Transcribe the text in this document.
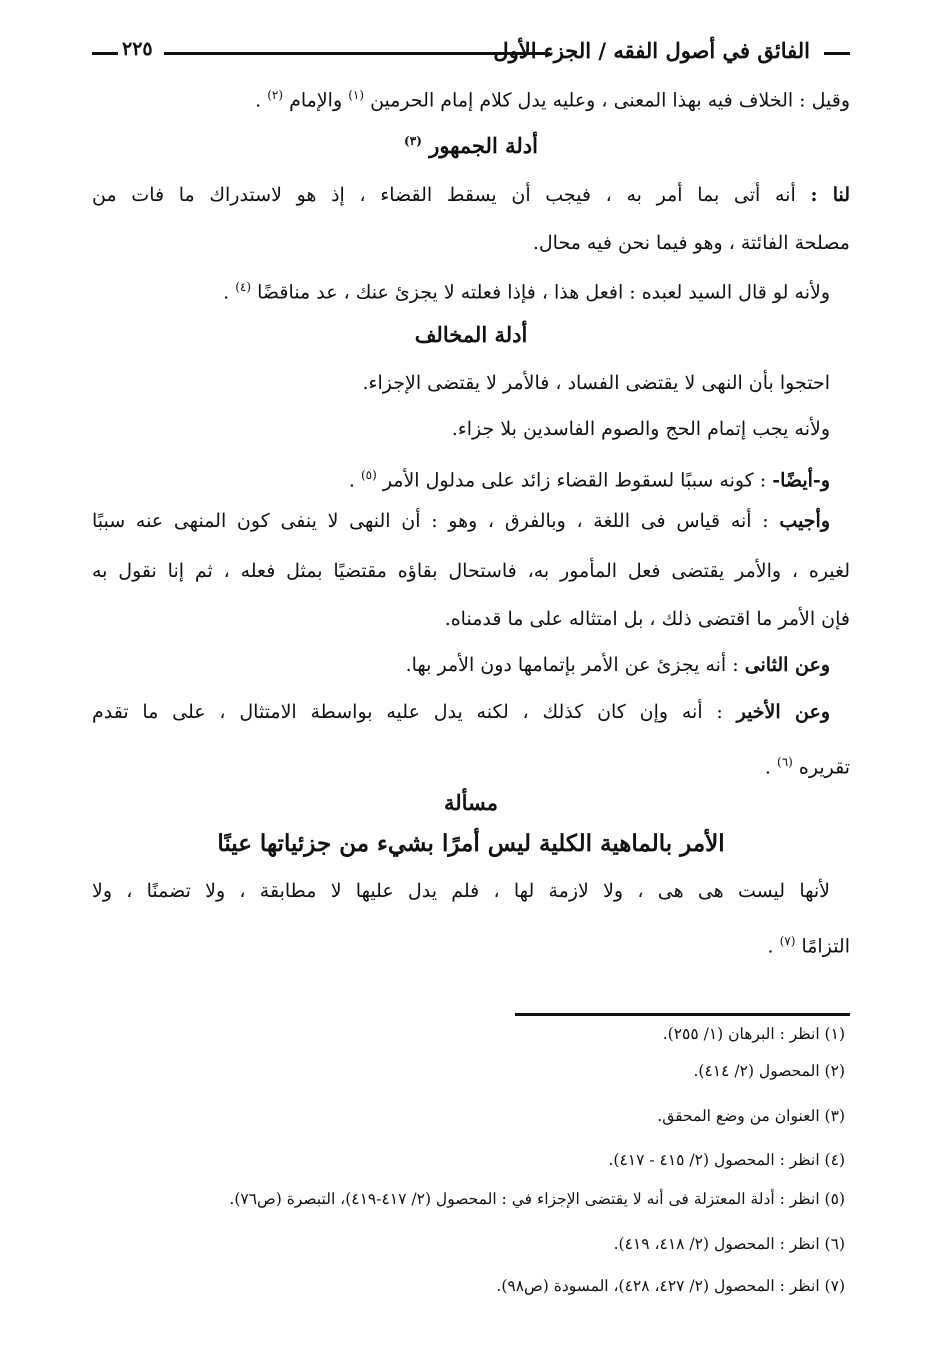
الفائق في أصول الفقه / الجزء الأول
٢٢٥
وقيل : الخلاف فيه بهذا المعنى ، وعليه يدل كلام إمام الحرمين $^{(١)}$ والإمام $^{(٢)}$ .
أدلة الجمهور $^{(٣)}$
لنا : أنه أتى بما أمر به ، فيجب أن يسقط القضاء ، إذ هو لاستدراك ما فات من
مصلحة الفائتة ، وهو فيما نحن فيه محال.
ولأنه لو قال السيد لعبده : افعل هذا ، فإذا فعلته لا يجزئ عنك ، عد مناقضًا $^{(٤)}$ .
أدلة المخالف
احتجوا بأن النهى لا يقتضى الفساد ، فالأمر لا يقتضى الإجزاء.
ولأنه يجب إتمام الحج والصوم الفاسدين بلا جزاء.
و-أيضًا- : كونه سببًا لسقوط القضاء زائد على مدلول الأمر $^{(٥)}$ .
وأجيب : أنه قياس فى اللغة ، وبالفرق ، وهو : أن النهى لا ينفى كون المنهى عنه سببًا
لغيره ، والأمر يقتضى فعل المأمور به، فاستحال بقاؤه مقتضيًا بمثل فعله ، ثم إنا نقول به
فإن الأمر ما اقتضى ذلك ، بل امتثاله على ما قدمناه.
وعن الثانى : أنه يجزئ عن الأمر بإتمامها دون الأمر بها.
وعن الأخير : أنه وإن كان كذلك ، لكنه يدل عليه بواسطة الامتثال ، على ما تقدم
تقريره $^{(٦)}$ .
مسألة
الأمر بالماهية الكلية ليس أمرًا بشيء من جزئياتها عينًا
لأنها ليست هى هى ، ولا لازمة لها ، فلم يدل عليها لا مطابقة ، ولا تضمنًا ، ولا
التزامًا $^{(٧)}$ .
(١) انظر : البرهان (١/ ٢٥٥).
(٢) المحصول (٢/ ٤١٤).
(٣) العنوان من وضع المحقق.
(٤) انظر : المحصول (٢/ ٤١٥ - ٤١٧).
(٥) انظر : أدلة المعتزلة فى أنه لا يقتضى الإجزاء في : المحصول (٢/ ٤١٧-٤١٩)، التبصرة (ص٧٦).
(٦) انظر : المحصول (٢/ ٤١٨، ٤١٩).
(٧) انظر : المحصول (٢/ ٤٢٧، ٤٢٨)، المسودة (ص٩٨).
